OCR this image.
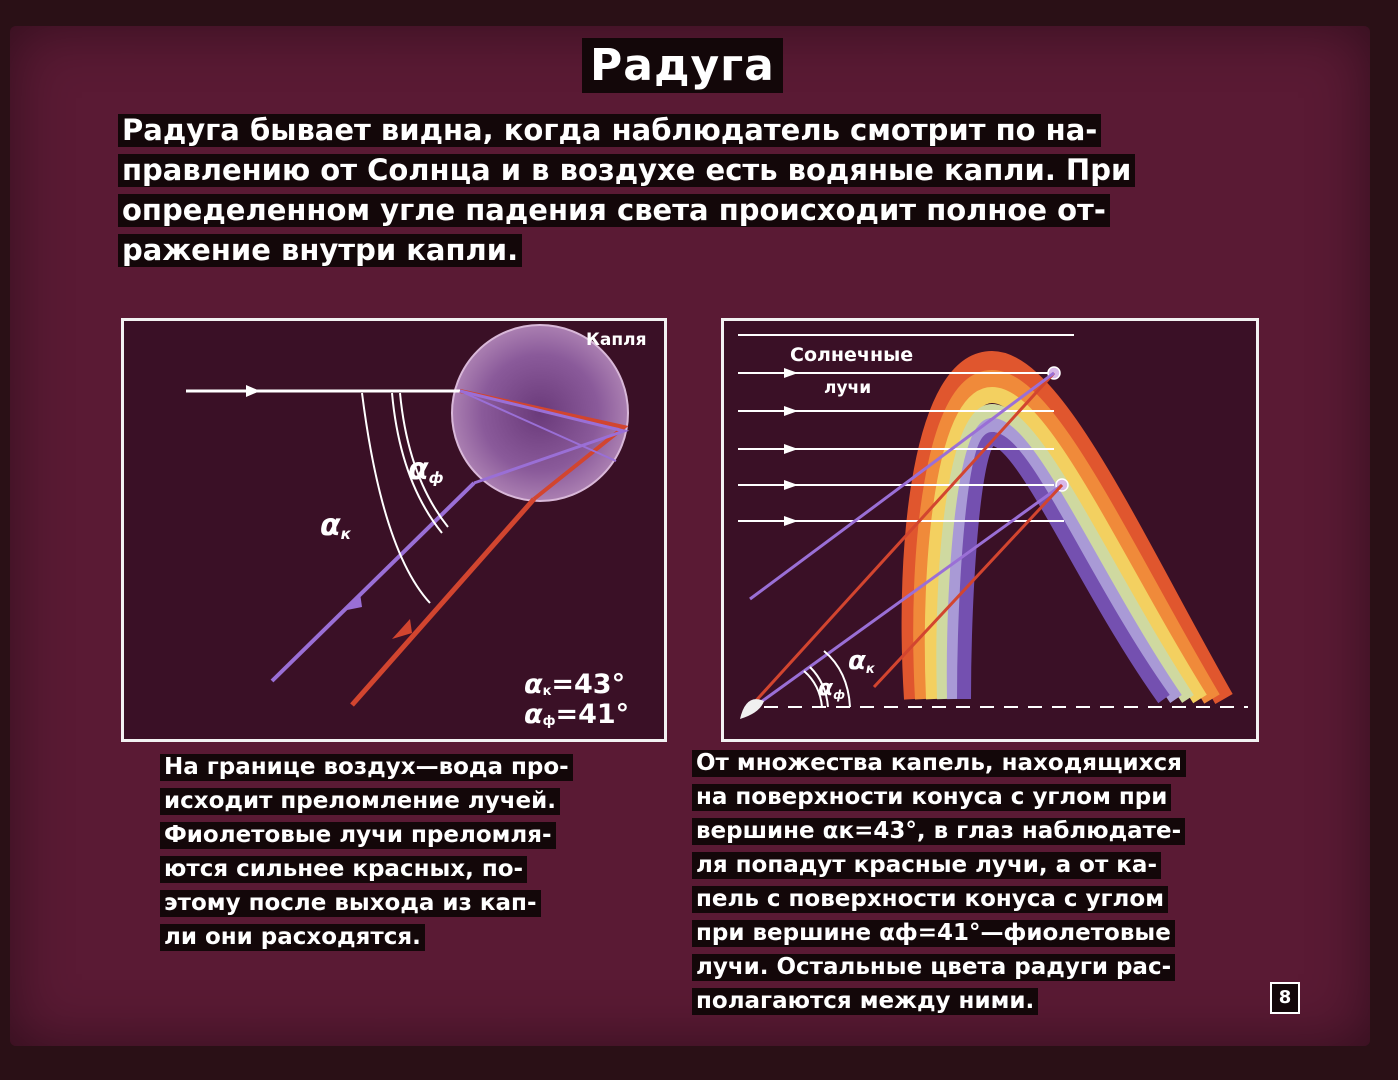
Радуга
Радуга бывает видна, когда наблюдатель смотрит по на-
правлению от Солнца и в воздухе есть водяные капли. При
определенном угле падения света происходит полное от-
ражение внутри капли.
Капля
αф
αк
αк=43°
αф=41°
Солнечные
лучи
αк
αф
На границе воздух—вода про-
исходит преломление лучей.
Фиолетовые лучи преломля-
ются сильнее красных, по-
этому после выхода из кап-
ли они расходятся.
От множества капель, находящихся
на поверхности конуса с углом при
вершине αк=43°, в глаз наблюдате-
ля попадут красные лучи, а от ка-
пель с поверхности конуса с углом
при вершине αф=41°—фиолетовые
лучи. Остальные цвета радуги рас-
полагаются между ними.	8
